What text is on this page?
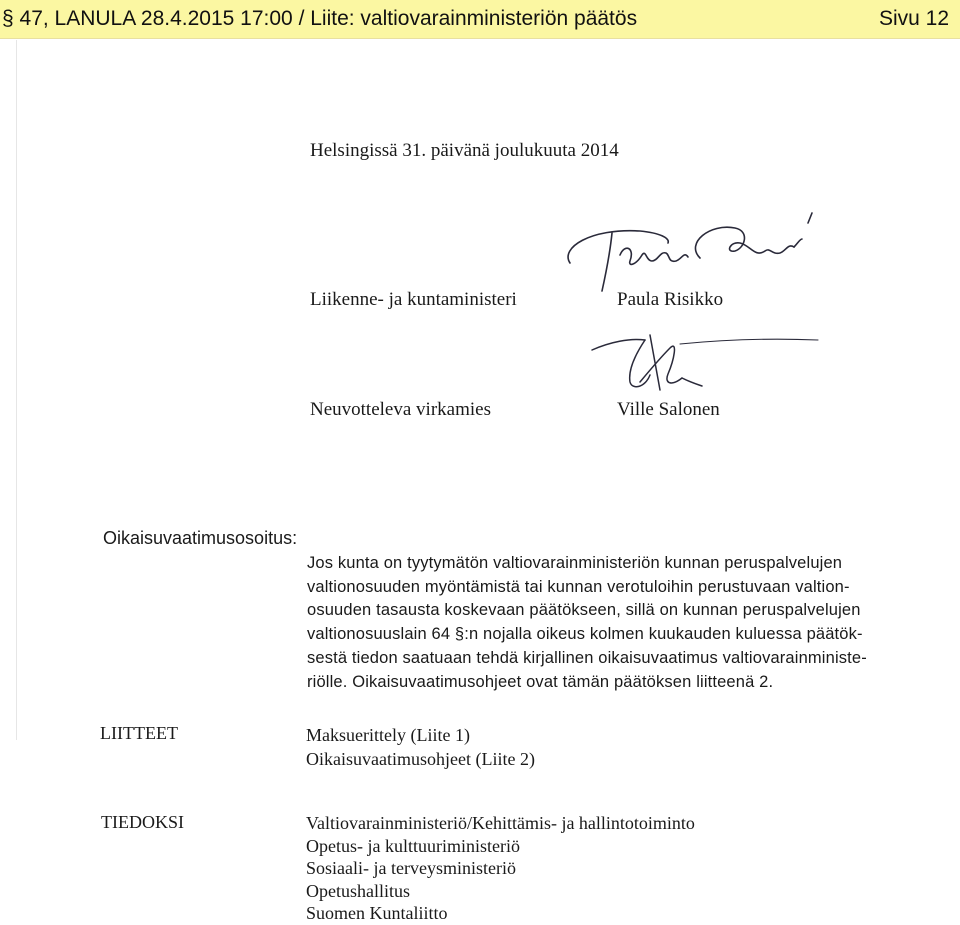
§ 47, LANULA 28.4.2015 17:00 / Liite: valtiovarainministeriön päätös	Sivu 12
Helsingissä 31. päivänä joulukuuta 2014
Liikenne- ja kuntaministeri	Paula Risikko
Neuvotteleva virkamies	Ville Salonen
Oikaisuvaatimusosoitus:
Jos kunta on tyytymätön valtiovarainministeriön kunnan peruspalvelujen
valtionosuuden myöntämistä tai kunnan verotuloihin perustuvaan valtion-
osuuden tasausta koskevaan päätökseen, sillä on kunnan peruspalvelujen
valtionosuuslain 64 §:n nojalla oikeus kolmen kuukauden kuluessa päätök-
sestä tiedon saatuaan tehdä kirjallinen oikaisuvaatimus valtiovarainministe-
riölle. Oikaisuvaatimusohjeet ovat tämän päätöksen liitteenä 2.
LIITTEET	Maksuerittely (Liite 1)
Oikaisuvaatimusohjeet (Liite 2)
TIEDOKSI	Valtiovarainministeriö/Kehittämis- ja hallintotoiminto
Opetus- ja kulttuuriministeriö
Sosiaali- ja terveysministeriö
Opetushallitus
Suomen Kuntaliitto
